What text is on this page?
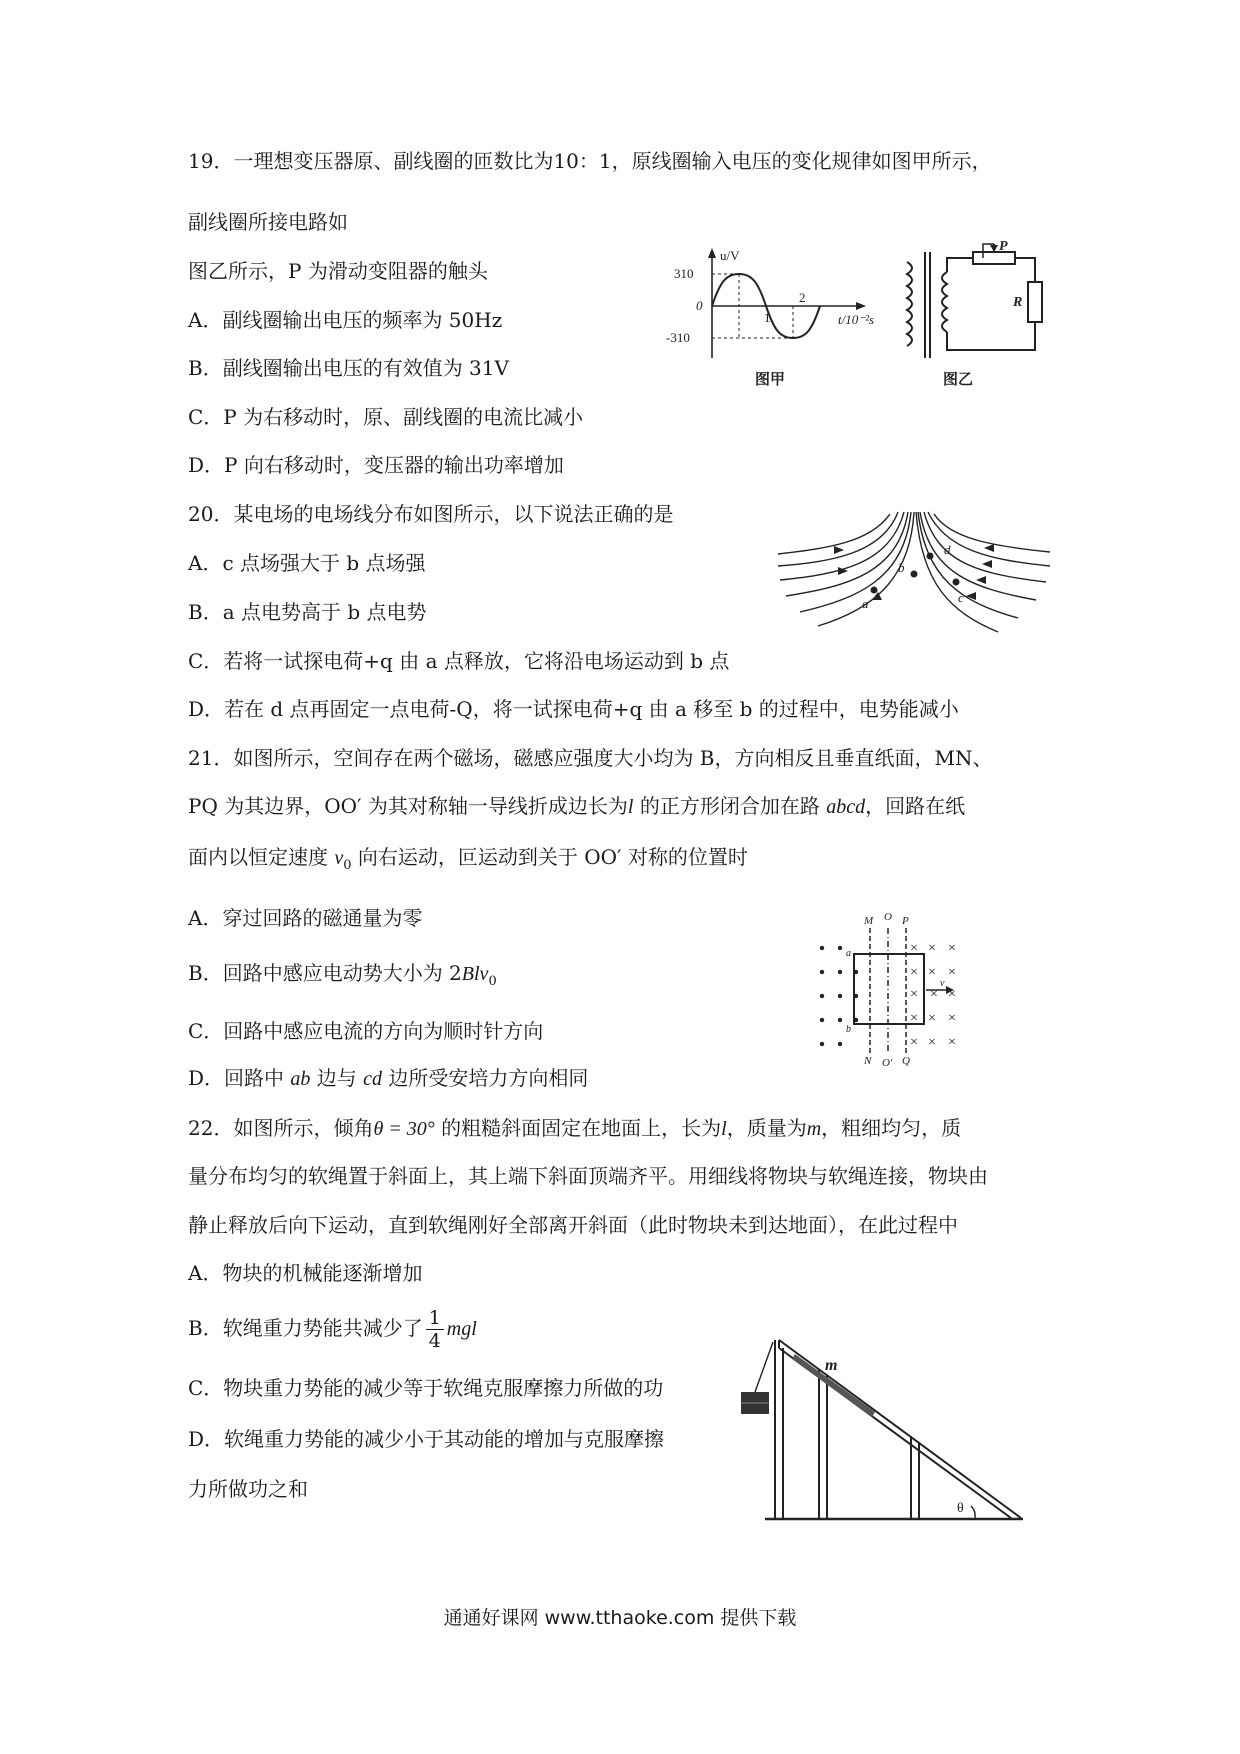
19．一理想变压器原、副线圈的匝数比为10：1，原线圈输入电压的变化规律如图甲所示，
副线圈所接电路如
图乙所示，P 为滑动变阻器的触头
A．副线圈输出电压的频率为 50Hz
B．副线圈输出电压的有效值为 31V
C．P 为右移动时，原、副线圈的电流比减小
D．P 向右移动时，变压器的输出功率增加
u/V
310
0
-310
1
2
t/10⁻²s
图甲
P
R
图乙
20．某电场的电场线分布如图所示，以下说法正确的是
A．c 点场强大于 b 点场强
B．a 点电势高于 b 点电势
C．若将一试探电荷+q 由 a 点释放，它将沿电场运动到 b 点
D．若在 d 点再固定一点电荷-Q，将一试探电荷+q 由 a 移至 b 的过程中，电势能减小
a
b
c
d
21．如图所示，空间存在两个磁场，磁感应强度大小均为 B，方向相反且垂直纸面，MN、
PQ 为其边界，OO′ 为其对称轴一导线折成边长为l 的正方形闭合加在路 abcd，回路在纸
面内以恒定速度 $v_0$ 向右运动，叵运动到关于 OO′ 对称的位置时
A．穿过回路的磁通量为零
B．回路中感应电动势大小为 2Blv$_0$
C．回路中感应电流的方向为顺时针方向
D．回路中 ab 边与 cd 边所受安培力方向相同
× × ×
× × ×
× × ×
× × ×
× × ×
M O P
N O′ Q
a
b
v
22．如图所示，倾角θ = 30° 的粗糙斜面固定在地面上，长为l，质量为m，粗细均匀，质
量分布均匀的软绳置于斜面上，其上端下斜面顶端齐平。用细线将物块与软绳连接，物块由
静止释放后向下运动，直到软绳刚好全部离开斜面（此时物块未到达地面），在此过程中
A．物块的机械能逐渐增加
B．软绳重力势能共减少了 $\frac{1}{4}$ mgl
C．物块重力势能的减少等于软绳克服摩擦力所做的功
D．软绳重力势能的减少小于其动能的增加与克服摩擦
力所做功之和
m
θ
通通好课网 www.tthaoke.com 提供下载
